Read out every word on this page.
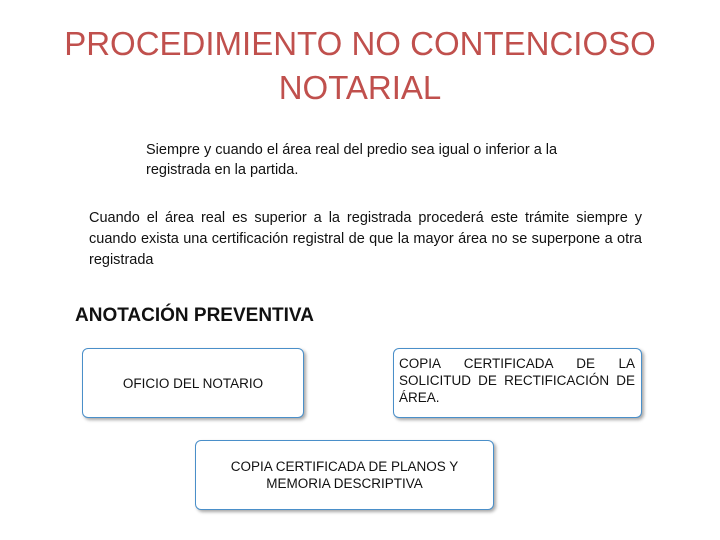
PROCEDIMIENTO NO CONTENCIOSO NOTARIAL

Siempre y cuando el área real del predio sea igual o inferior a la registrada en la partida.

Cuando el área real es superior a la registrada procederá este trámite siempre y cuando exista una certificación registral de que la mayor área no se superpone a otra registrada

ANOTACIÓN PREVENTIVA
OFICIO DEL NOTARIO
COPIA CERTIFICADA DE LA SOLICITUD DE RECTIFICACIÓN DE ÁREA.
COPIA CERTIFICADA DE PLANOS Y MEMORIA DESCRIPTIVA
